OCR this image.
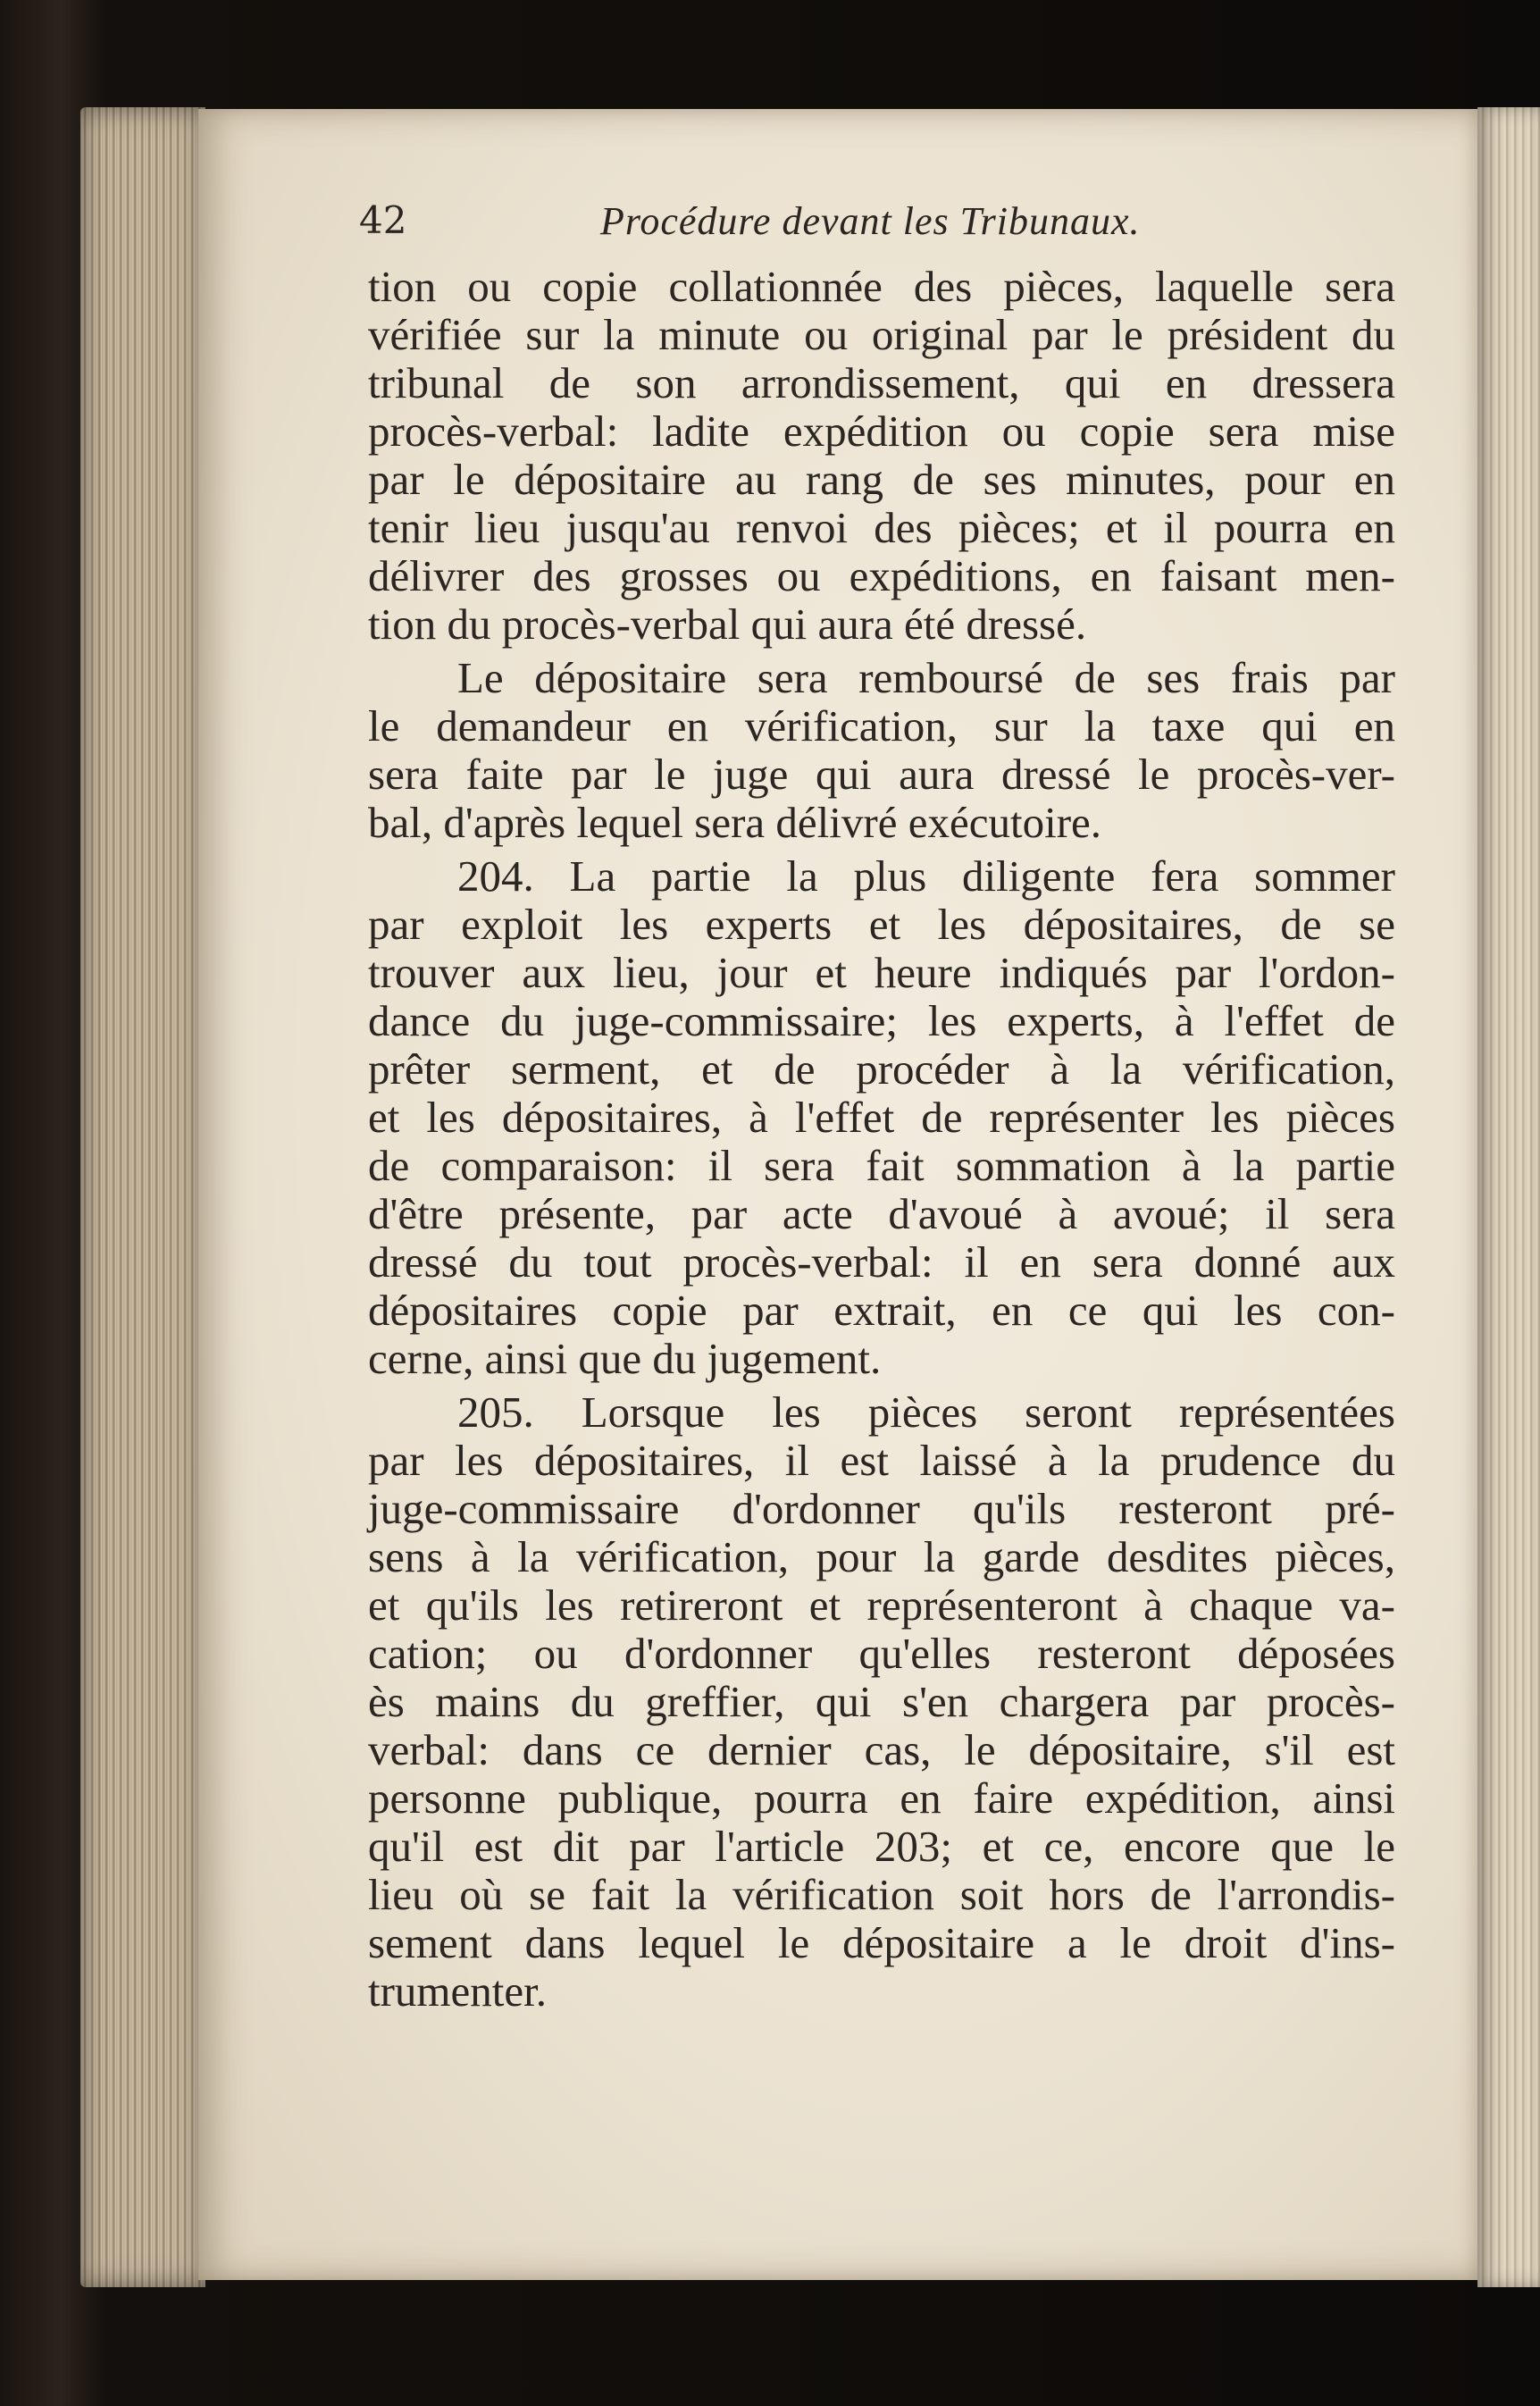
42	Procédure devant les Tribunaux.
tion ou copie collationnée des pièces, laquelle sera
vérifiée sur la minute ou original par le président du
tribunal de son arrondissement, qui en dressera
procès-verbal: ladite expédition ou copie sera mise
par le dépositaire au rang de ses minutes, pour en
tenir lieu jusqu'au renvoi des pièces; et il pourra en
délivrer des grosses ou expéditions, en faisant men-
tion du procès-verbal qui aura été dressé.
Le dépositaire sera remboursé de ses frais par
le demandeur en vérification, sur la taxe qui en
sera faite par le juge qui aura dressé le procès-ver-
bal, d'après lequel sera délivré exécutoire.
204. La partie la plus diligente fera sommer
par exploit les experts et les dépositaires, de se
trouver aux lieu, jour et heure indiqués par l'ordon-
dance du juge-commissaire; les experts, à l'effet de
prêter serment, et de procéder à la vérification,
et les dépositaires, à l'effet de représenter les pièces
de comparaison: il sera fait sommation à la partie
d'être présente, par acte d'avoué à avoué; il sera
dressé du tout procès-verbal: il en sera donné aux
dépositaires copie par extrait, en ce qui les con-
cerne, ainsi que du jugement.
205. Lorsque les pièces seront représentées
par les dépositaires, il est laissé à la prudence du
juge-commissaire d'ordonner qu'ils resteront pré-
sens à la vérification, pour la garde desdites pièces,
et qu'ils les retireront et représenteront à chaque va-
cation; ou d'ordonner qu'elles resteront déposées
ès mains du greffier, qui s'en chargera par procès-
verbal: dans ce dernier cas, le dépositaire, s'il est
personne publique, pourra en faire expédition, ainsi
qu'il est dit par l'article 203; et ce, encore que le
lieu où se fait la vérification soit hors de l'arrondis-
sement dans lequel le dépositaire a le droit d'ins-
trumenter.
